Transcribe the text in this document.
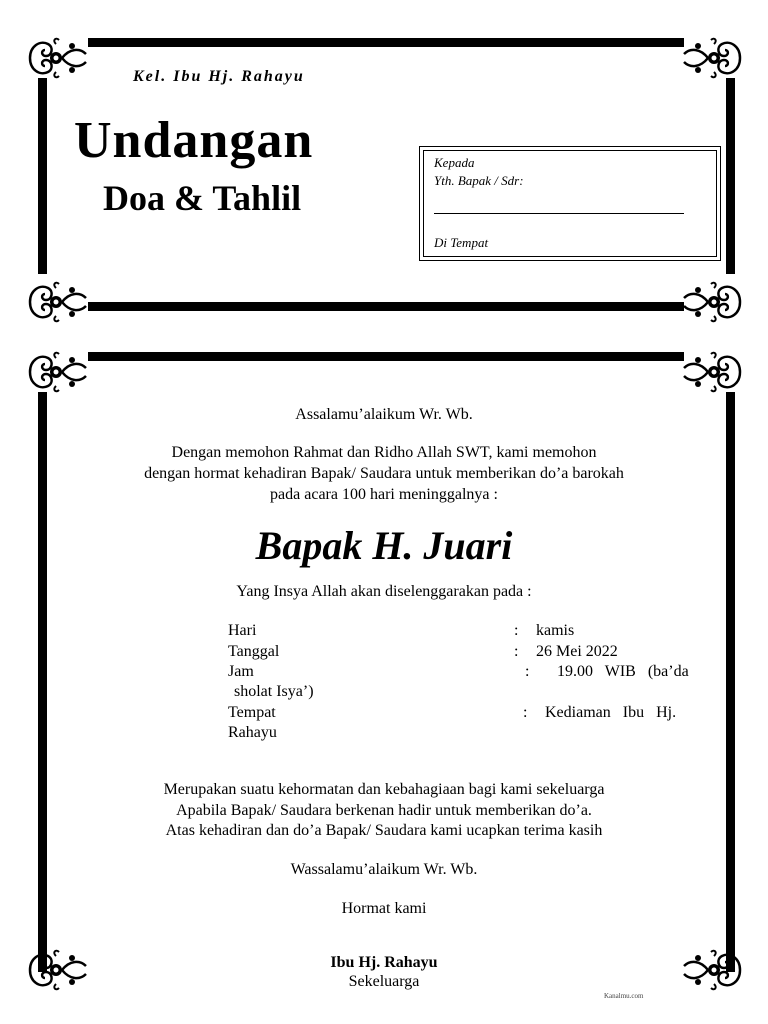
Kel. Ibu Hj. Rahayu
Undangan
Doa & Tahlil
Kepada
Yth. Bapak / Sdr:
Di Tempat
Assalamu’alaikum Wr. Wb.
Dengan memohon Rahmat dan Ridho Allah SWT, kami memohon
dengan hormat kehadiran Bapak/ Saudara untuk memberikan do’a barokah
pada acara 100 hari meninggalnya :
Bapak H. Juari
Yang Insya Allah akan diselenggarakan pada :
Hari	: kamis
Tanggal	: 26 Mei 2022
Jam	: 19.00   WIB   (ba’da
sholat Isya’)
Tempat	: Kediaman   Ibu   Hj.
Rahayu
Merupakan suatu kehormatan dan kebahagiaan bagi kami sekeluarga
Apabila Bapak/ Saudara berkenan hadir untuk memberikan do’a.
Atas kehadiran dan do’a Bapak/ Saudara kami ucapkan terima kasih
Wassalamu’alaikum Wr. Wb.
Hormat kami
Ibu Hj. Rahayu
Sekeluarga
Kanalmu.com
